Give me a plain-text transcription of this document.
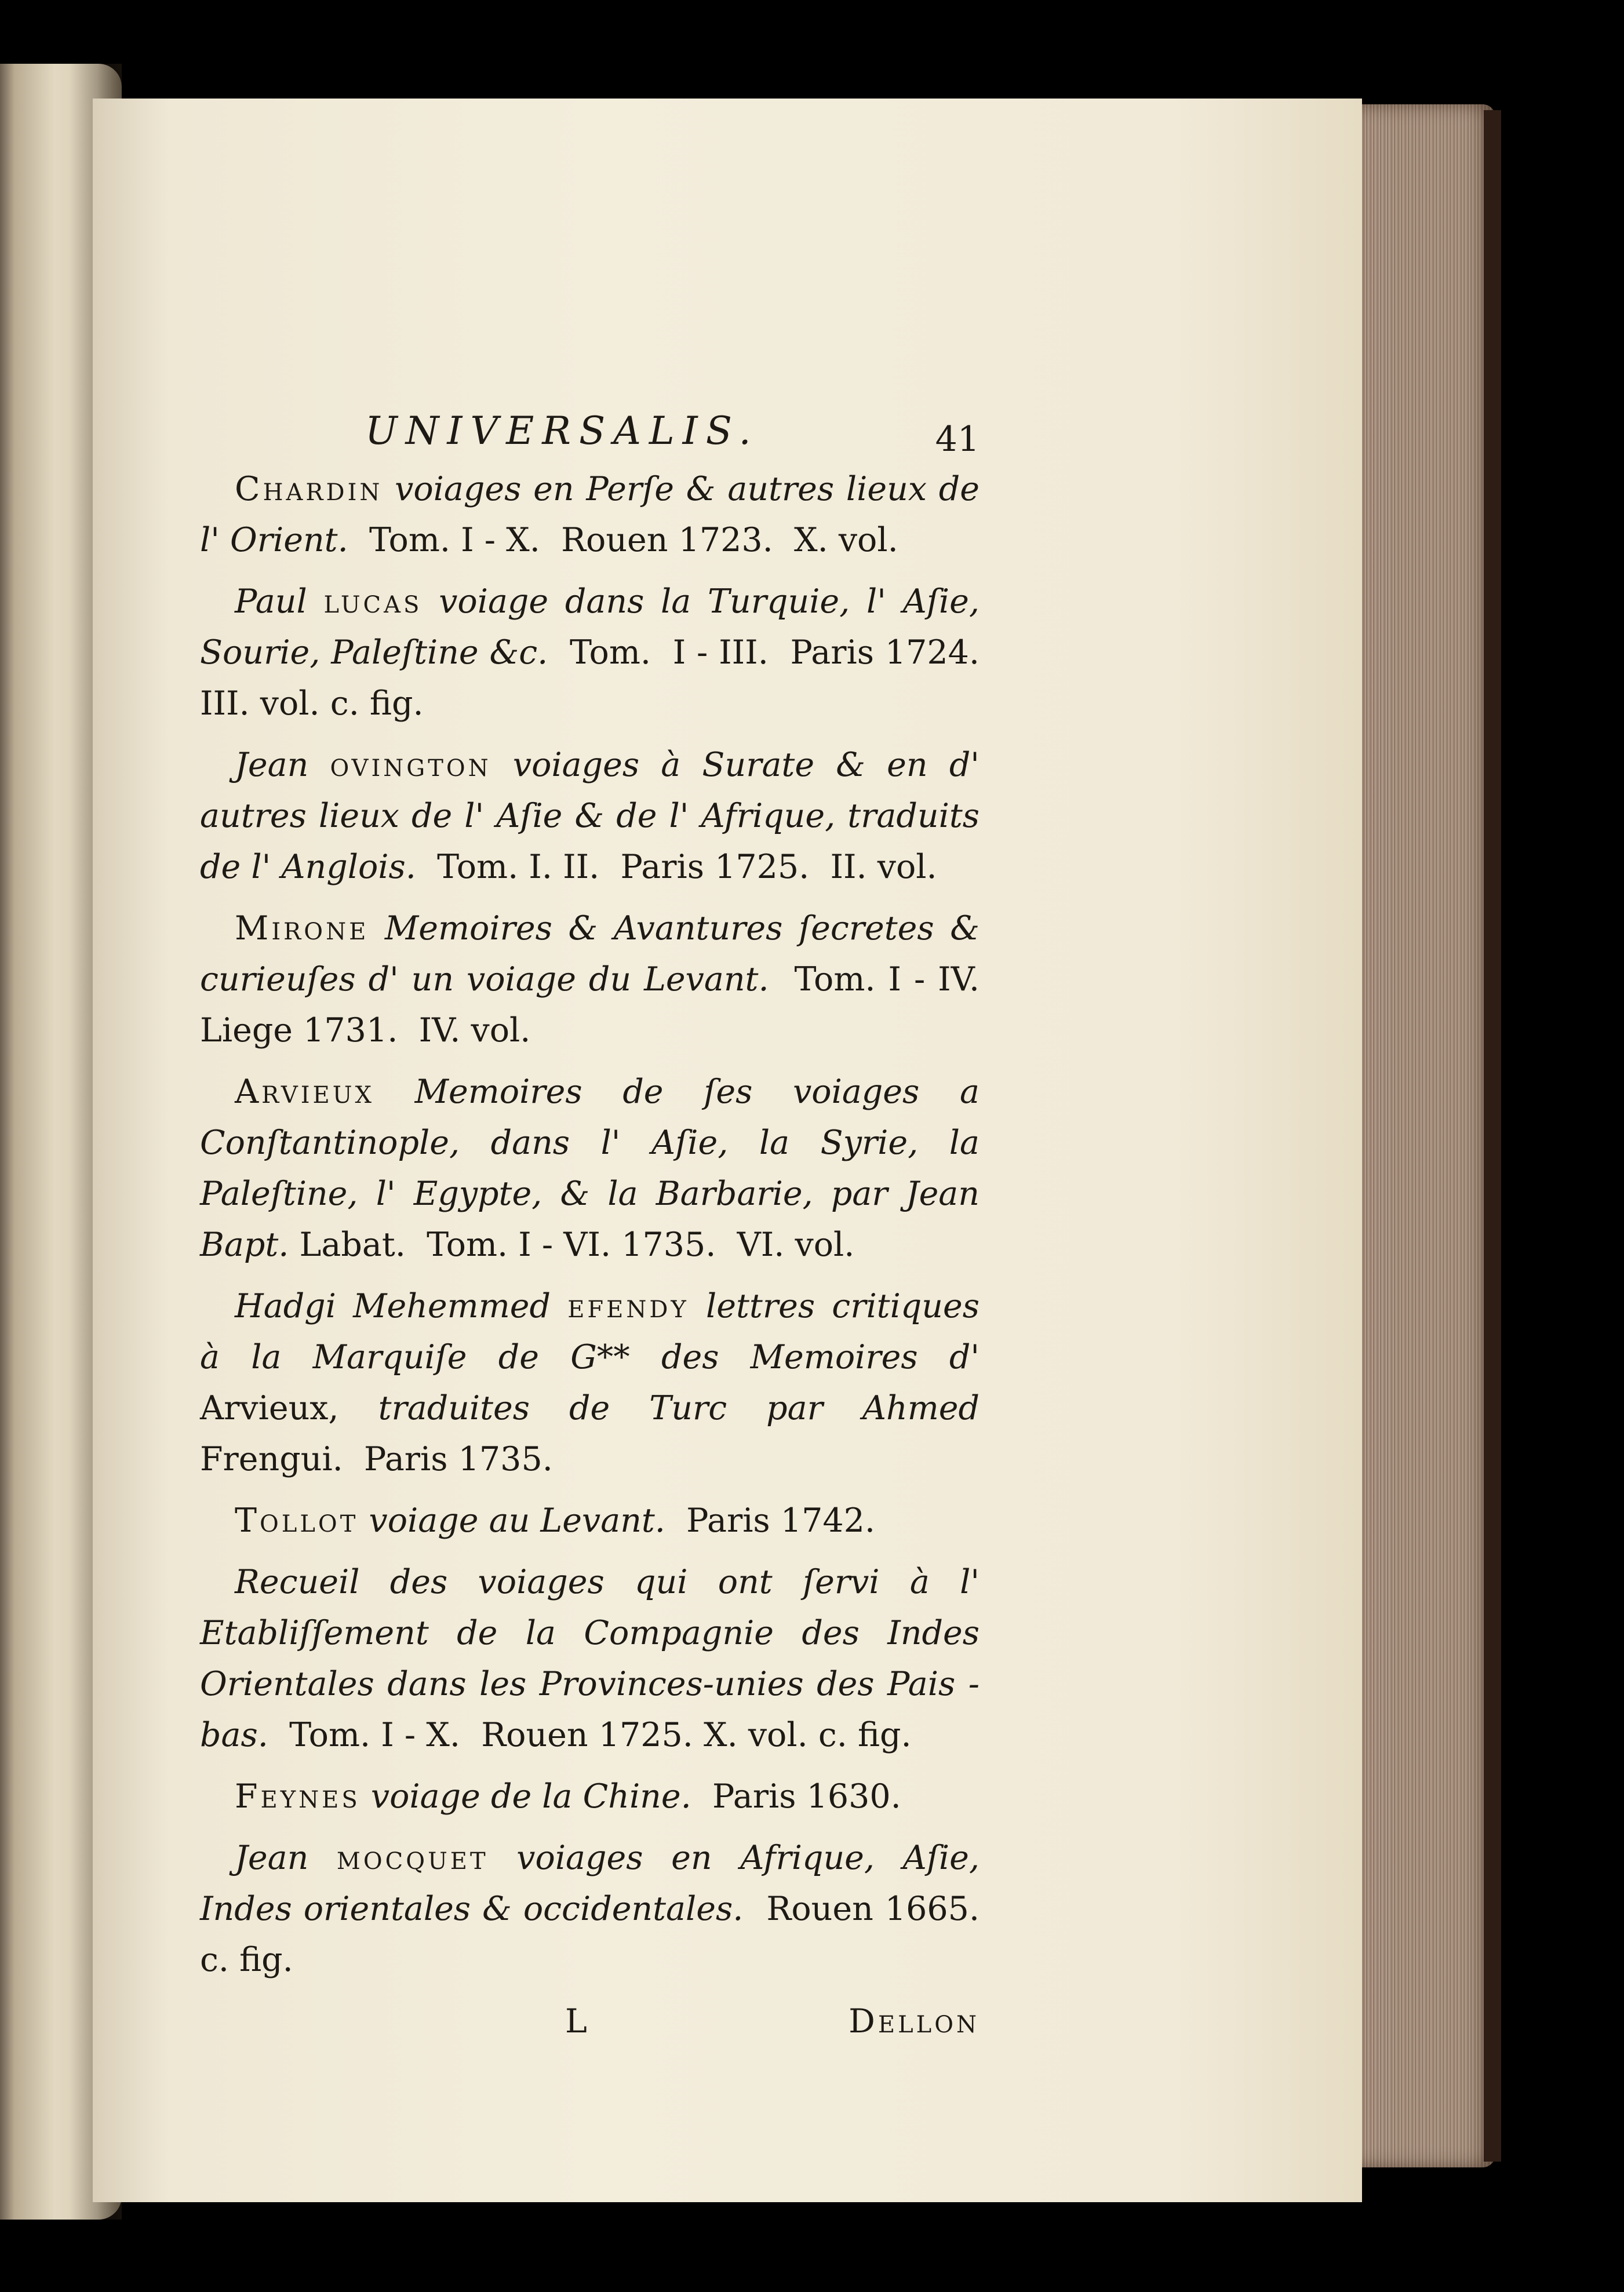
UNIVERSALIS.	41

Chardin voiages en Perſe & autres lieux de l' Orient.  Tom. I - X.  Rouen 1723.  X. vol.

Paul lucas voiage dans la Turquie, l' Aſie, Sourie, Paleſtine &c.  Tom.  I - III.  Paris 1724. III. vol. c. fig.

Jean ovington voiages à Surate & en d' autres lieux de l' Aſie & de l' Afrique, traduits de l' Anglois.  Tom. I. II.  Paris 1725.  II. vol.

Mirone Memoires & Avantures ſecretes & curieuſes d' un voiage du Levant.  Tom. I - IV.  Liege 1731.  IV. vol.

Arvieux Memoires de ſes voiages a Conſtantinople, dans l' Aſie, la Syrie, la Paleſtine, l' Egypte, & la Barbarie, par Jean Bapt. Labat.  Tom. I - VI. 1735.  VI. vol.

Hadgi Mehemmed efendy lettres critiques à la Marquiſe de G** des Memoires d' Arvieux, traduites de Turc par Ahmed Frengui.  Paris 1735.

Tollot voiage au Levant.  Paris 1742.

Recueil des voiages qui ont ſervi à l' Etabliſſement de la Compagnie des Indes Orientales dans les Provinces-unies des Pais - bas.  Tom. I - X.  Rouen 1725. X. vol. c. fig.

Feynes voiage de la Chine.  Paris 1630.

Jean mocquet voiages en Afrique, Aſie, Indes orientales & occidentales.  Rouen 1665.  c. fig.

L	Dellon
